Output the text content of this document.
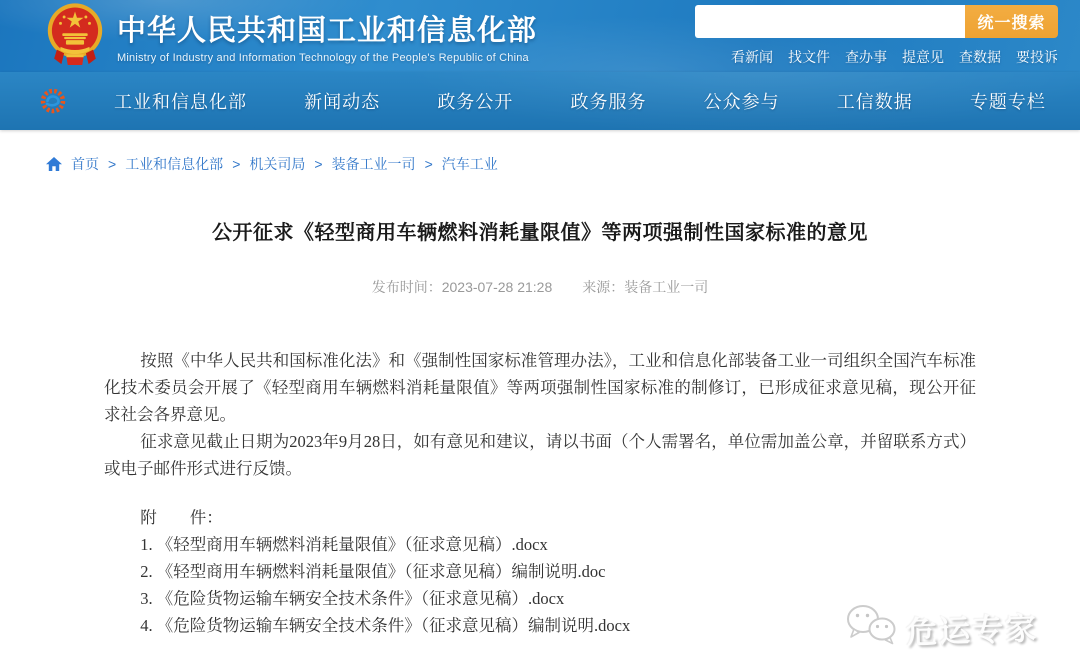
中华人民共和国工业和信息化部
Ministry of Industry and Information Technology of the People's Republic of China
统一搜索
看新闻 找文件 查办事 提意见 查数据 要投诉
工业和信息化部	新闻动态	政务公开	政务服务	公众参与	工信数据	专题专栏
首页 > 工业和信息化部 > 机关司局 > 装备工业一司 > 汽车工业
公开征求《轻型商用车辆燃料消耗量限值》等两项强制性国家标准的意见
发布时间：2023-07-28 21:28 来源：装备工业一司

按照《中华人民共和国标准化法》和《强制性国家标准管理办法》，工业和信息化部装备工业一司组织全国汽车标准化技术委员会开展了《轻型商用车辆燃料消耗量限值》等两项强制性国家标准的制修订，已形成征求意见稿，现公开征求社会各界意见。

征求意见截止日期为2023年9月28日，如有意见和建议，请以书面（个人需署名，单位需加盖公章，并留联系方式）或电子邮件形式进行反馈。

附　　件：

1. 《轻型商用车辆燃料消耗量限值》（征求意见稿）.docx
2. 《轻型商用车辆燃料消耗量限值》（征求意见稿）编制说明.doc
3. 《危险货物运输车辆安全技术条件》（征求意见稿）.docx
4. 《危险货物运输车辆安全技术条件》（征求意见稿）编制说明.docx	危运专家
